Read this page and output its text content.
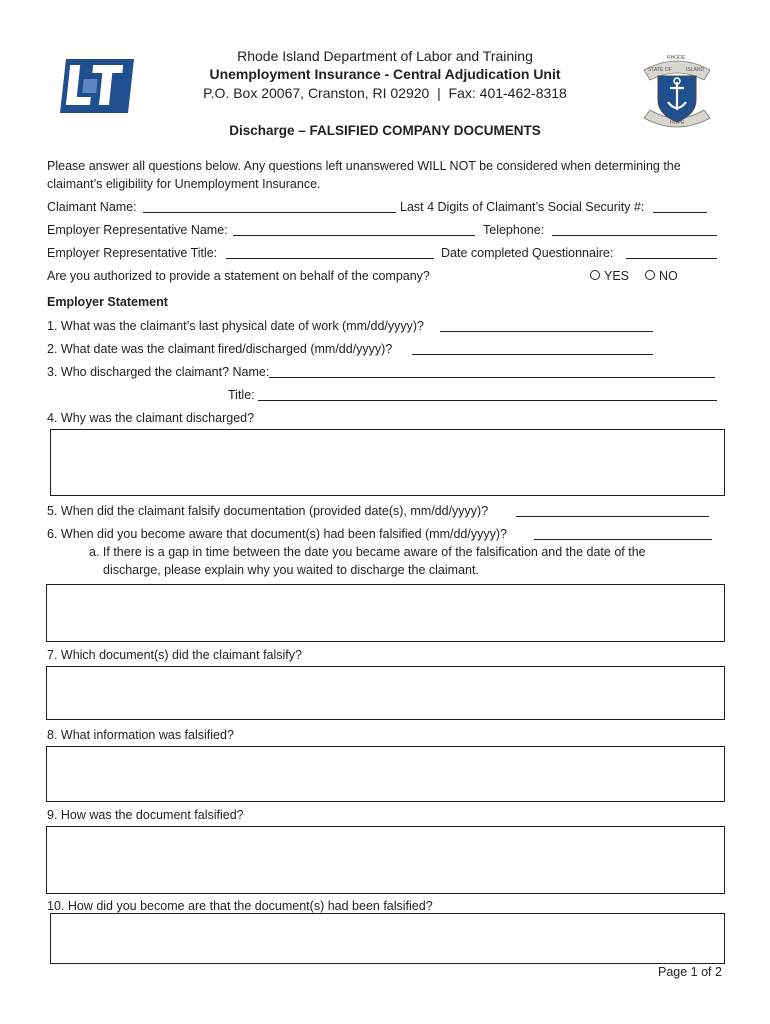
RHODE
STATE OF	ISLAND
HOPE
Rhode Island Department of Labor and Training
Unemployment Insurance - Central Adjudication Unit
P.O. Box 20067, Cranston, RI 02920  |  Fax: 401-462-8318
Discharge – FALSIFIED COMPANY DOCUMENTS
Please answer all questions below. Any questions left unanswered WILL NOT be considered when determining the
claimant’s eligibility for Unemployment Insurance.
Claimant Name:	Last 4 Digits of Claimant’s Social Security #:
Employer Representative Name:	Telephone:
Employer Representative Title:	Date completed Questionnaire:
Are you authorized to provide a statement on behalf of the company?	YES	NO
Employer Statement
1. What was the claimant’s last physical date of work (mm/dd/yyyy)?
2. What date was the claimant fired/discharged (mm/dd/yyyy)?
3. Who discharged the claimant? Name:
Title:
4. Why was the claimant discharged?
5. When did the claimant falsify documentation (provided date(s), mm/dd/yyyy)?
6. When did you become aware that document(s) had been falsified (mm/dd/yyyy)?
a. If there is a gap in time between the date you became aware of the falsification and the date of the
discharge, please explain why you waited to discharge the claimant.
7. Which document(s) did the claimant falsify?
8. What information was falsified?
9. How was the document falsified?
10. How did you become are that the document(s) had been falsified?
Page 1 of 2
